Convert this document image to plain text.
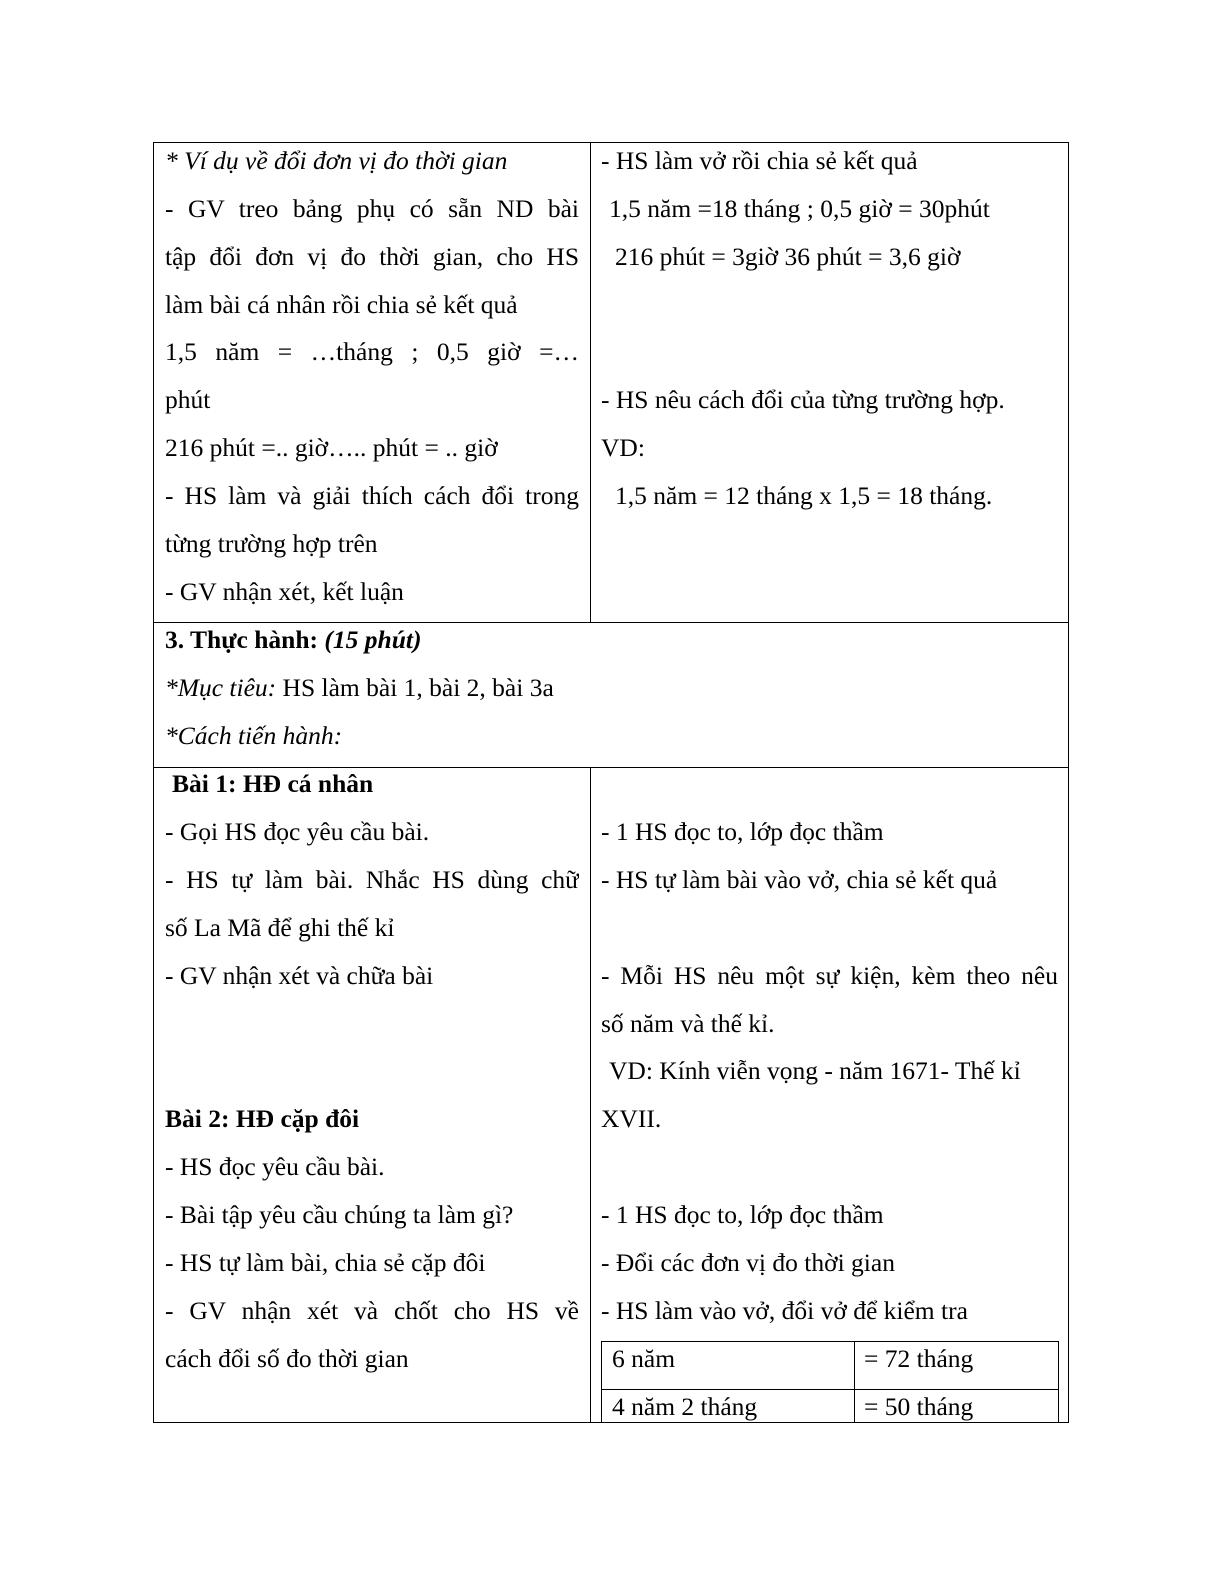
* Ví dụ về đổi đơn vị đo thời gian
- GV treo bảng phụ có sẵn ND bài
tập đổi đơn vị đo thời gian, cho HS
làm bài cá nhân rồi chia sẻ kết quả
1,5 năm = …tháng ; 0,5 giờ =…
phút
216 phút =.. giờ….. phút = .. giờ
- HS làm và giải thích cách đổi trong
từng trường hợp trên
- GV nhận xét, kết luận
- HS làm vở rồi chia sẻ kết quả
1,5 năm =18 tháng ; 0,5 giờ = 30phút
216 phút = 3giờ 36 phút = 3,6 giờ
- HS nêu cách đổi của từng trường hợp.
VD:
1,5 năm = 12 tháng x 1,5 = 18 tháng.
3. Thực hành: (15 phút)
*Mục tiêu: HS làm bài 1, bài 2, bài 3a
*Cách tiến hành:
Bài 1: HĐ cá nhân
- Gọi HS đọc yêu cầu bài.
- HS tự làm bài. Nhắc HS dùng chữ
số La Mã để ghi thế kỉ
- GV nhận xét và chữa bài
Bài 2: HĐ cặp đôi
- HS đọc yêu cầu bài.
- Bài tập yêu cầu chúng ta làm gì?
- HS tự làm bài, chia sẻ cặp đôi
- GV nhận xét và chốt cho HS về
cách đổi số đo thời gian
- 1 HS đọc to, lớp đọc thầm
- HS tự làm bài vào vở, chia sẻ kết quả
- Mỗi HS nêu một sự kiện, kèm theo nêu
số năm và thế kỉ.
VD: Kính viễn vọng - năm 1671- Thế kỉ
XVII.
- 1 HS đọc to, lớp đọc thầm
- Đổi các đơn vị đo thời gian
- HS làm vào vở, đổi vở để kiểm tra
6 năm	= 72 tháng
4 năm 2 tháng	= 50 tháng
